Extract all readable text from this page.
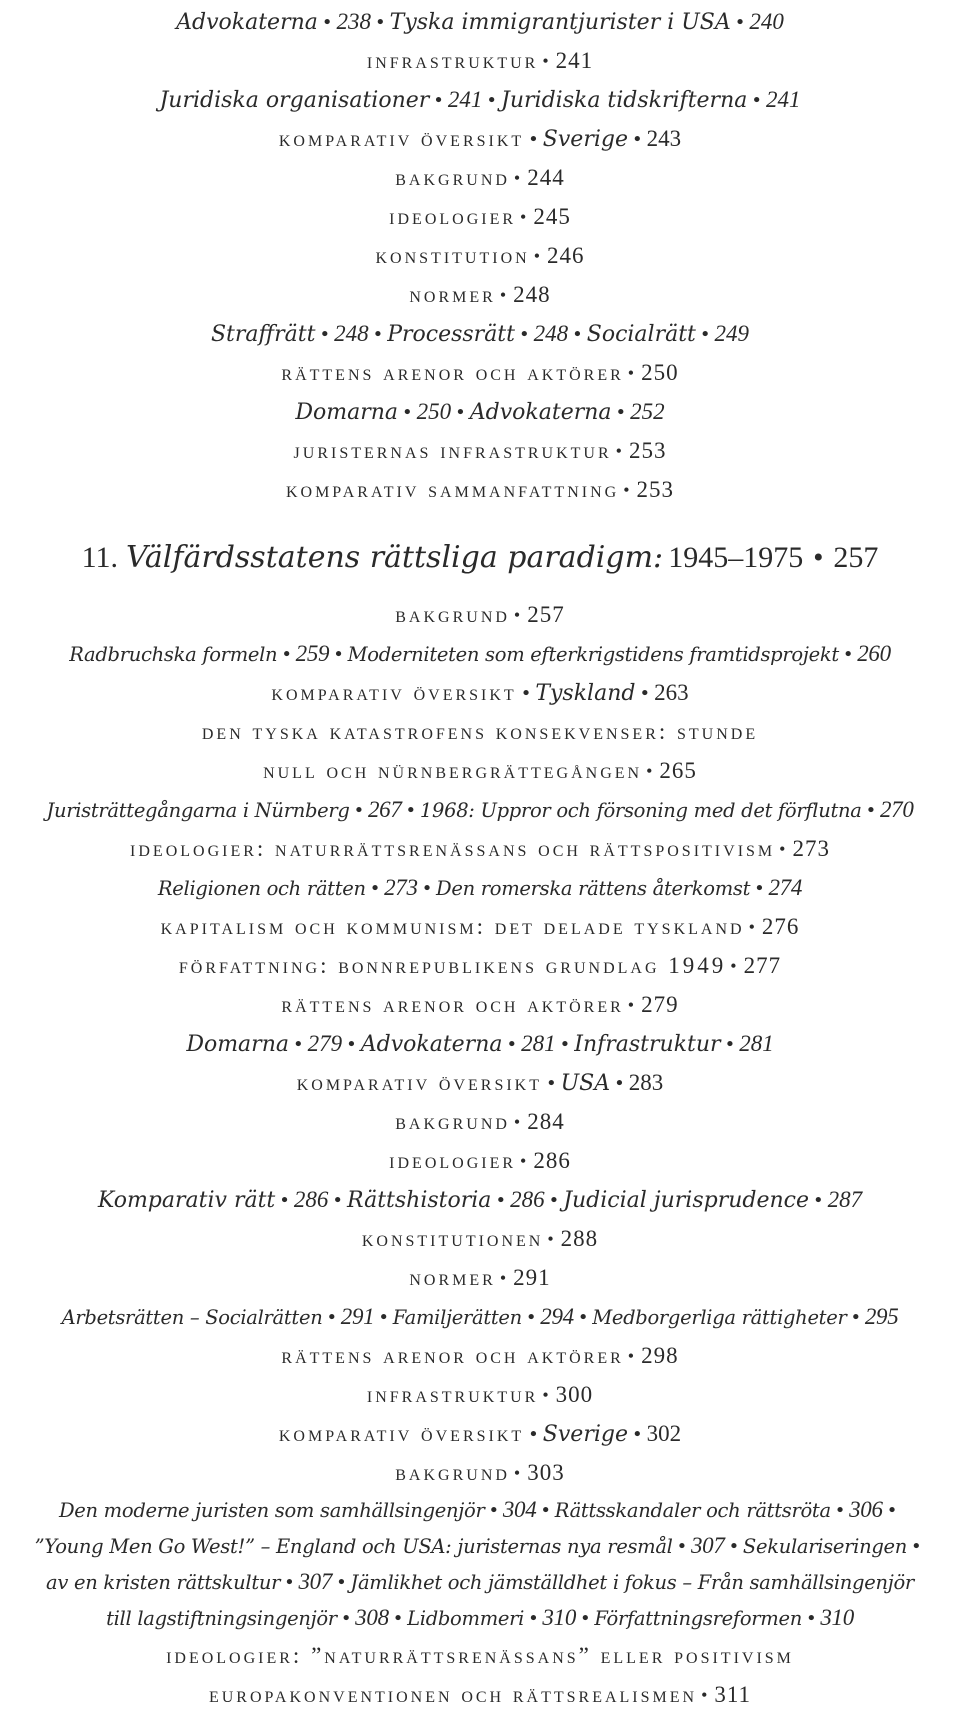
Advokaterna • 238 • Tyska immigrantjurister i USA • 240
infrastruktur • 241
Juridiska organisationer • 241 • Juridiska tidskrifterna • 241
komparativ översikt • Sverige • 243
bakgrund • 244
ideologier • 245
konstitution • 246
normer • 248
Straffrätt • 248 • Processrätt • 248 • Socialrätt • 249
rättens arenor och aktörer • 250
Domarna • 250 • Advokaterna • 252
juristernas infrastruktur • 253
komparativ sammanfattning • 253
11. Välfärdsstatens rättsliga paradigm: 1945–1975 • 257
bakgrund • 257
Radbruchska formeln • 259 • Moderniteten som efterkrigstidens framtidsprojekt • 260
komparativ översikt • Tyskland • 263
den tyska katastrofens konsekvenser: stunde
null och nürnbergrättegången • 265
Juristrättegångarna i Nürnberg • 267 • 1968: Uppror och försoning med det förflutna • 270
ideologier: naturrättsrenässans och rättspositivism • 273
Religionen och rätten • 273 • Den romerska rättens återkomst • 274
kapitalism och kommunism: det delade tyskland • 276
författning: bonnrepublikens grundlag 1949 • 277
rättens arenor och aktörer • 279
Domarna • 279 • Advokaterna • 281 • Infrastruktur • 281
komparativ översikt • USA • 283
bakgrund • 284
ideologier • 286
Komparativ rätt • 286 • Rättshistoria • 286 • Judicial jurisprudence • 287
konstitutionen • 288
normer • 291
Arbetsrätten – Socialrätten • 291 • Familjerätten • 294 • Medborgerliga rättigheter • 295
rättens arenor och aktörer • 298
infrastruktur • 300
komparativ översikt • Sverige • 302
bakgrund • 303
Den moderne juristen som samhällsingenjör • 304 • Rättsskandaler och rättsröta • 306 •
”Young Men Go West!” – England och USA: juristernas nya resmål • 307 • Sekulariseringen •
av en kristen rättskultur • 307 • Jämlikhet och jämställdhet i fokus – Från samhällsingenjör
till lagstiftningsingenjör • 308 • Lidbommeri • 310 • Författningsreformen • 310
ideologier: ”naturrättsrenässans” eller positivism
europakonventionen och rättsrealismen • 311
